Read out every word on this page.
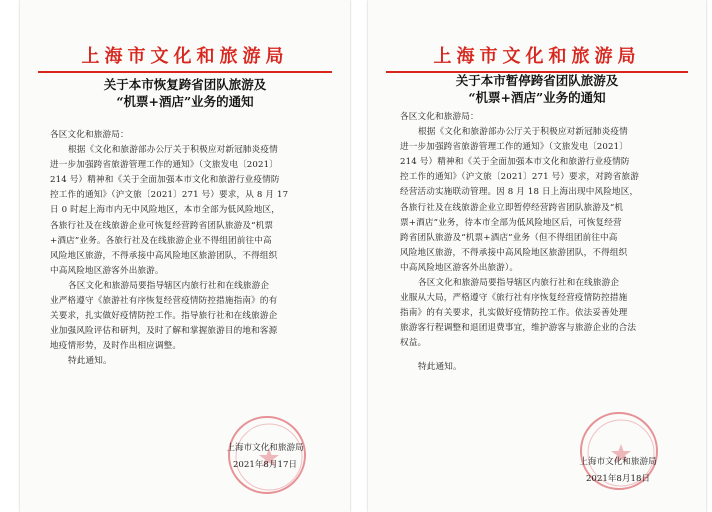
上海市文化和旅游局
关于本市恢复跨省团队旅游及
“机票+酒店”业务的通知
各区文化和旅游局：
根据《文化和旅游部办公厅关于积极应对新冠肺炎疫情
进一步加强跨省旅游管理工作的通知》（文旅发电〔2021〕
214 号）精神和《关于全面加强本市文化和旅游行业疫情防
控工作的通知》（沪文旅〔2021〕271 号）要求，从 8 月 17
日 0 时起上海市内无中风险地区，本市全部为低风险地区，
各旅行社及在线旅游企业可恢复经营跨省团队旅游及“机票
+酒店”业务。各旅行社及在线旅游企业不得组团前往中高
风险地区旅游，不得承接中高风险地区旅游团队，不得组织
中高风险地区游客外出旅游。
各区文化和旅游局要指导辖区内旅行社和在线旅游企
业严格遵守《旅游社有序恢复经营疫情防控措施指南》的有
关要求，扎实做好疫情防控工作。指导旅行社和在线旅游企
业加强风险评估和研判，及时了解和掌握旅游目的地和客源
地疫情形势，及时作出相应调整。
特此通知。
上海市文化和旅游局
2021年8月17日
上海市文化和旅游局
关于本市暂停跨省团队旅游及
“机票+酒店”业务的通知
各区文化和旅游局：
根据《文化和旅游部办公厅关于积极应对新冠肺炎疫情
进一步加强跨省旅游管理工作的通知》（文旅发电〔2021〕
214 号）精神和《关于全面加强本市文化和旅游行业疫情防
控工作的通知》（沪文旅〔2021〕271 号）要求，对跨省旅游
经营活动实施联动管理。因 8 月 18 日上海出现中风险地区，
各旅行社及在线旅游企业立即暂停经营跨省团队旅游及“机
票+酒店”业务，待本市全部为低风险地区后，可恢复经营
跨省团队旅游及“机票+酒店”业务（但不得组团前往中高
风险地区旅游，不得承接中高风险地区旅游团队，不得组织
中高风险地区游客外出旅游）。
各区文化和旅游局要指导辖区内旅行社和在线旅游企
业服从大局，严格遵守《旅行社有序恢复经营疫情防控措施
指南》的有关要求，扎实做好疫情防控工作。依法妥善处理
旅游客行程调整和退团退费事宜，维护游客与旅游企业的合法
权益。
特此通知。
上海市文化和旅游局
2021年8月18日
